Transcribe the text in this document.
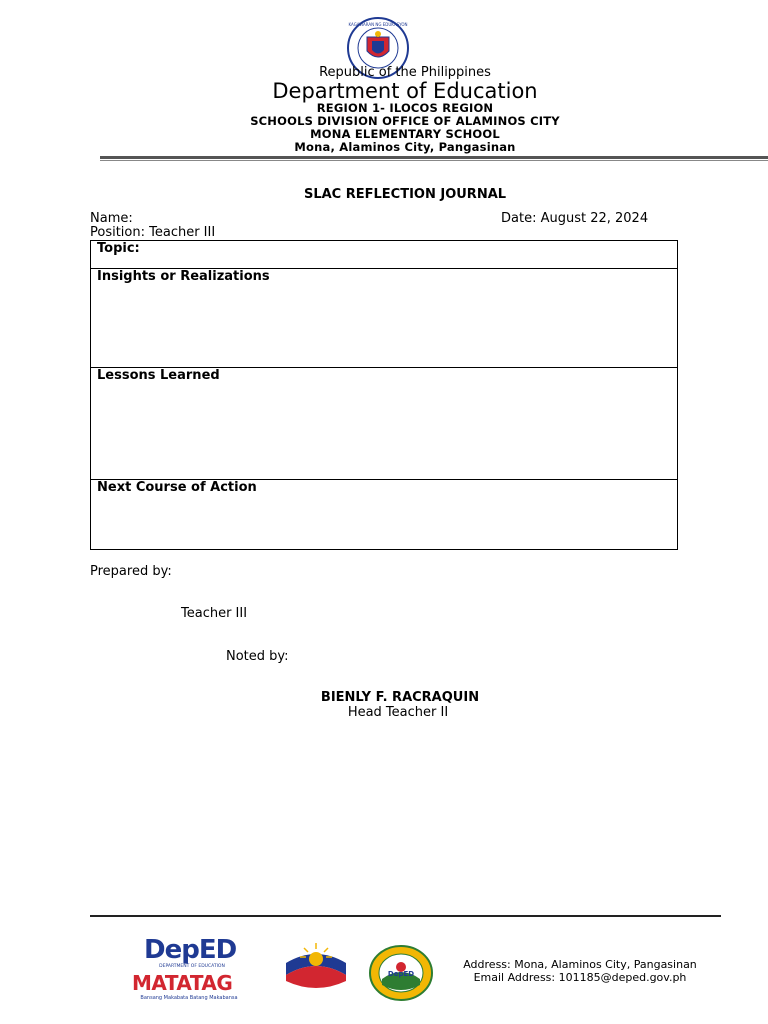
KAGAWARAN NG EDUKASYON
Republic of the Philippines
Department of Education
REGION 1- ILOCOS REGION
SCHOOLS DIVISION OFFICE OF ALAMINOS CITY
MONA ELEMENTARY SCHOOL
Mona, Alaminos City, Pangasinan
SLAC REFLECTION JOURNAL
Name:	Date: August 22, 2024
Position: Teacher III
Topic:
Insights or Realizations
Lessons Learned
Next Course of Action
Prepared by:
Teacher III
Noted by:
BIENLY F. RACRAQUIN
Head Teacher II
DepED
DEPARTMENT OF EDUCATION
MATATAG
Bansang Makabata Batang Makabansa
DepED
Address: Mona, Alaminos City, Pangasinan
Email Address: 101185@deped.gov.ph
